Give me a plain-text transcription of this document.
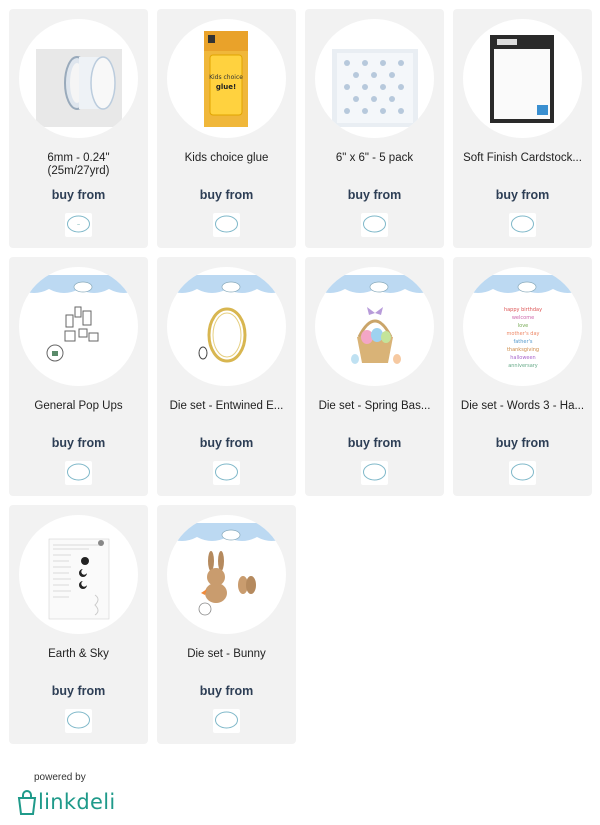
6mm - 0.24" (25m/27yrd)
buy from
~
Kids choice
glue!
Kids choice glue
buy from
6" x 6" - 5 pack
buy from
Soft Finish Cardstock...
buy from
General Pop Ups
buy from
Die set - Entwined E...
buy from
Die set - Spring Bas...
buy from
happy birthday
welcome
love
mother's day
father's
thanksgiving
halloween
anniversary
Die set - Words 3 - Ha...
buy from
Earth & Sky
buy from
Die set - Bunny
buy from
powered by
linkdeli
